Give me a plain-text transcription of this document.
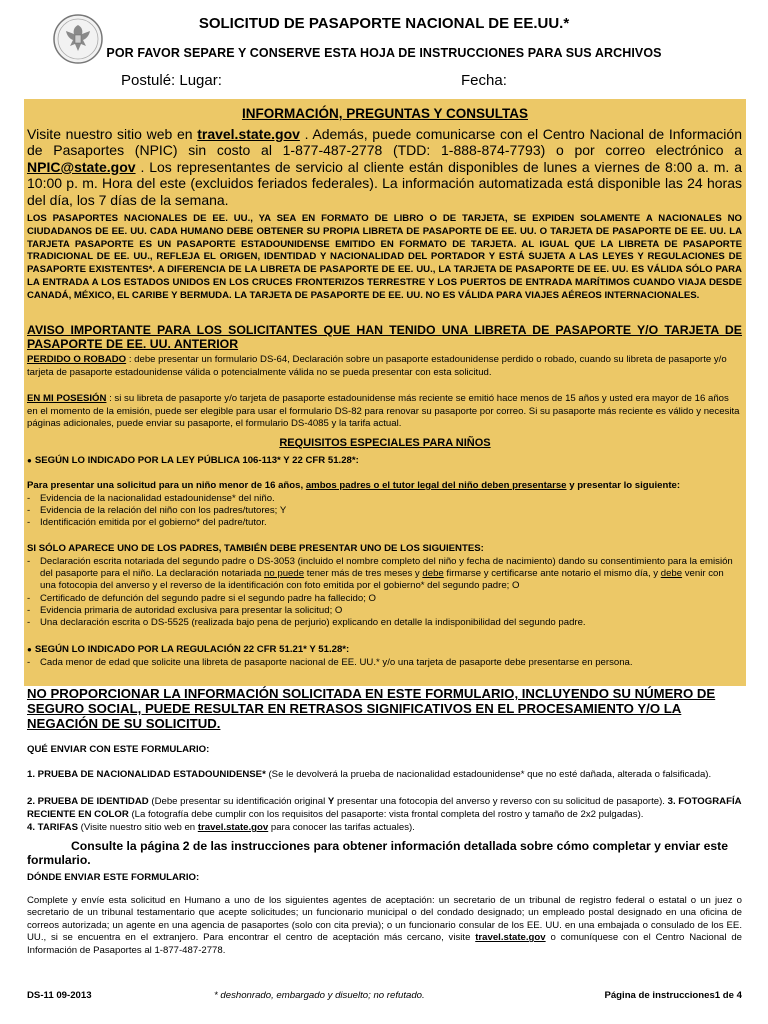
SOLICITUD DE PASAPORTE NACIONAL DE EE.UU.*
POR FAVOR SEPARE Y CONSERVE ESTA HOJA DE INSTRUCCIONES PARA SUS ARCHIVOS
Postulé: Lugar:	Fecha:
INFORMACIÓN, PREGUNTAS Y CONSULTAS
Visite nuestro sitio web en travel.state.gov . Además, puede comunicarse con el Centro Nacional de Información de Pasaportes (NPIC) sin costo al 1-877-487-2778 (TDD: 1-888-874-7793) o por correo electrónico a NPIC@state.gov . Los representantes de servicio al cliente están disponibles de lunes a viernes de 8:00 a. m. a 10:00 p. m. Hora del este (excluidos feriados federales). La información automatizada está disponible las 24 horas del día, los 7 días de la semana.
LOS PASAPORTES NACIONALES DE EE. UU., YA SEA EN FORMATO DE LIBRO O DE TARJETA, SE EXPIDEN SOLAMENTE A NACIONALES NO CIUDADANOS DE EE. UU. CADA HUMANO DEBE OBTENER SU PROPIA LIBRETA DE PASAPORTE DE EE. UU. O TARJETA DE PASAPORTE DE EE. UU. LA TARJETA PASAPORTE ES UN PASAPORTE ESTADOUNIDENSE EMITIDO EN FORMATO DE TARJETA. AL IGUAL QUE LA LIBRETA DE PASAPORTE TRADICIONAL DE EE. UU., REFLEJA EL ORIGEN, IDENTIDAD Y NACIONALIDAD DEL PORTADOR Y ESTÁ SUJETA A LAS LEYES Y REGULACIONES DE PASAPORTE EXISTENTES*. A DIFERENCIA DE LA LIBRETA DE PASAPORTE DE EE. UU., LA TARJETA DE PASAPORTE DE EE. UU. ES VÁLIDA SÓLO PARA LA ENTRADA A LOS ESTADOS UNIDOS EN LOS CRUCES FRONTERIZOS TERRESTRE Y LOS PUERTOS DE ENTRADA MARÍTIMOS CUANDO VIAJA DESDE CANADÁ, MÉXICO, EL CARIBE Y BERMUDA. LA TARJETA DE PASAPORTE DE EE. UU. NO ES VÁLIDA PARA VIAJES AÉREOS INTERNACIONALES.
AVISO IMPORTANTE PARA LOS SOLICITANTES QUE HAN TENIDO UNA LIBRETA DE PASAPORTE Y/O TARJETA DE PASAPORTE DE EE. UU. ANTERIOR
PERDIDO O ROBADO : debe presentar un formulario DS-64, Declaración sobre un pasaporte estadounidense perdido o robado, cuando su libreta de pasaporte y/o tarjeta de pasaporte estadounidense válida o potencialmente válida no se pueda presentar con esta solicitud.
EN MI POSESIÓN : si su libreta de pasaporte y/o tarjeta de pasaporte estadounidense más reciente se emitió hace menos de 15 años y usted era mayor de 16 años en el momento de la emisión, puede ser elegible para usar el formulario DS-82 para renovar su pasaporte por correo. Si su pasaporte más reciente es válido y necesita páginas adicionales, puede enviar su pasaporte, el formulario DS-4085 y la tarifa actual.
REQUISITOS ESPECIALES PARA NIÑOS
● SEGÚN LO INDICADO POR LA LEY PÚBLICA 106-113* Y 22 CFR 51.28*:
Para presentar una solicitud para un niño menor de 16 años, ambos padres o el tutor legal del niño deben presentarse y presentar lo siguiente:
- Evidencia de la nacionalidad estadounidense* del niño.
- Evidencia de la relación del niño con los padres/tutores; Y
- Identificación emitida por el gobierno* del padre/tutor.
SI SÓLO APARECE UNO DE LOS PADRES, TAMBIÉN DEBE PRESENTAR UNO DE LOS SIGUIENTES:
- Declaración escrita notariada del segundo padre o DS-3053 (incluido el nombre completo del niño y fecha de nacimiento) dando su consentimiento para la emisión del pasaporte para el niño. La declaración notariada no puede tener más de tres meses y debe firmarse y certificarse ante notario el mismo día, y debe venir con una fotocopia del anverso y el reverso de la identificación con foto emitida por el gobierno* del segundo padre; O
- Certificado de defunción del segundo padre si el segundo padre ha fallecido; O
- Evidencia primaria de autoridad exclusiva para presentar la solicitud; O
- Una declaración escrita o DS-5525 (realizada bajo pena de perjurio) explicando en detalle la indisponibilidad del segundo padre.
● SEGÚN LO INDICADO POR LA REGULACIÓN 22 CFR 51.21* Y 51.28*:
- Cada menor de edad que solicite una libreta de pasaporte nacional de EE. UU.* y/o una tarjeta de pasaporte debe presentarse en persona.
NO PROPORCIONAR LA INFORMACIÓN SOLICITADA EN ESTE FORMULARIO, INCLUYENDO SU NÚMERO DE SEGURO SOCIAL, PUEDE RESULTAR EN RETRASOS SIGNIFICATIVOS EN EL PROCESAMIENTO Y/O LA NEGACIÓN DE SU SOLICITUD.
QUÉ ENVIAR CON ESTE FORMULARIO:
1. PRUEBA DE NACIONALIDAD ESTADOUNIDENSE* (Se le devolverá la prueba de nacionalidad estadounidense* que no esté dañada, alterada o falsificada).
2. PRUEBA DE IDENTIDAD (Debe presentar su identificación original Y presentar una fotocopia del anverso y reverso con su solicitud de pasaporte). 3. FOTOGRAFÍA RECIENTE EN COLOR (La fotografía debe cumplir con los requisitos del pasaporte: vista frontal completa del rostro y tamaño de 2x2 pulgadas).
4. TARIFAS (Visite nuestro sitio web en travel.state.gov para conocer las tarifas actuales).
Consulte la página 2 de las instrucciones para obtener información detallada sobre cómo completar y enviar este formulario.
DÓNDE ENVIAR ESTE FORMULARIO:
Complete y envíe esta solicitud en Humano a uno de los siguientes agentes de aceptación: un secretario de un tribunal de registro federal o estatal o un juez o secretario de un tribunal testamentario que acepte solicitudes; un funcionario municipal o del condado designado; un empleado postal designado en una oficina de correos autorizada; un agente en una agencia de pasaportes (solo con cita previa); o un funcionario consular de los EE. UU. en una embajada o consulado de los EE. UU., si se encuentra en el extranjero. Para encontrar el centro de aceptación más cercano, visite travel.state.gov o comuníquese con el Centro Nacional de Información de Pasaportes al 1-877-487-2778.
DS-11 09-2013	* deshonrado, embargado y disuelto; no refutado.	Página de instrucciones1 de 4
